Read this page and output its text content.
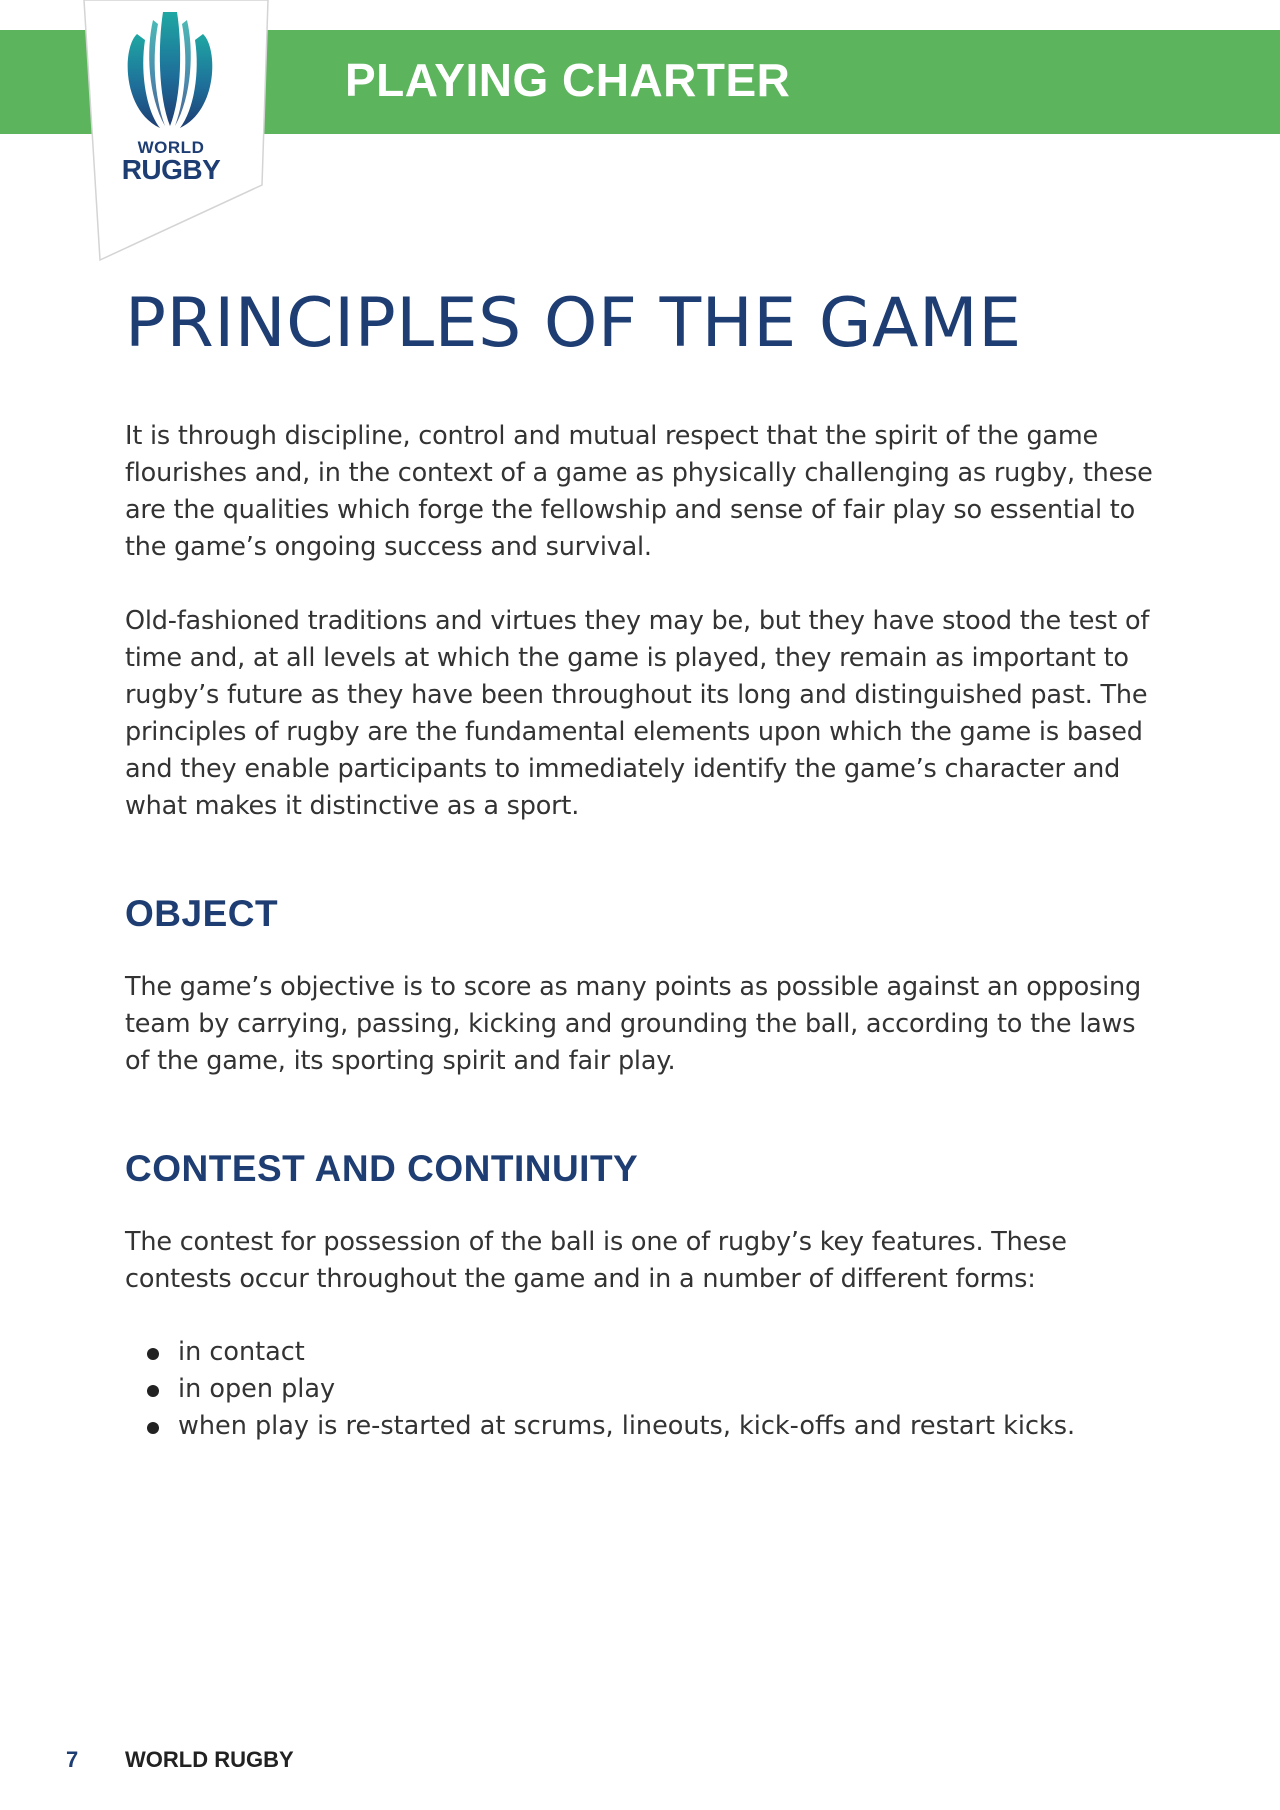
PLAYING CHARTER
WORLD
RUGBY
PRINCIPLES OF THE GAME

It is through discipline, control and mutual respect that the spirit of the game flourishes and, in the context of a game as physically challenging as rugby, these are the qualities which forge the fellowship and sense of fair play so essential to the game’s ongoing success and survival.

Old-fashioned traditions and virtues they may be, but they have stood the test of time and, at all levels at which the game is played, they remain as important to rugby’s future as they have been throughout its long and distinguished past. The principles of rugby are the fundamental elements upon which the game is based and they enable participants to immediately identify the game’s character and what makes it distinctive as a sport.

OBJECT

The game’s objective is to score as many points as possible against an opposing team by carrying, passing, kicking and grounding the ball, according to the laws of the game, its sporting spirit and fair play.

CONTEST AND CONTINUITY

The contest for possession of the ball is one of rugby’s key features. These contests occur throughout the game and in a number of different forms:

in contact
in open play
when play is re-started at scrums, lineouts, kick-offs and restart kicks.
7 WORLD RUGBY
